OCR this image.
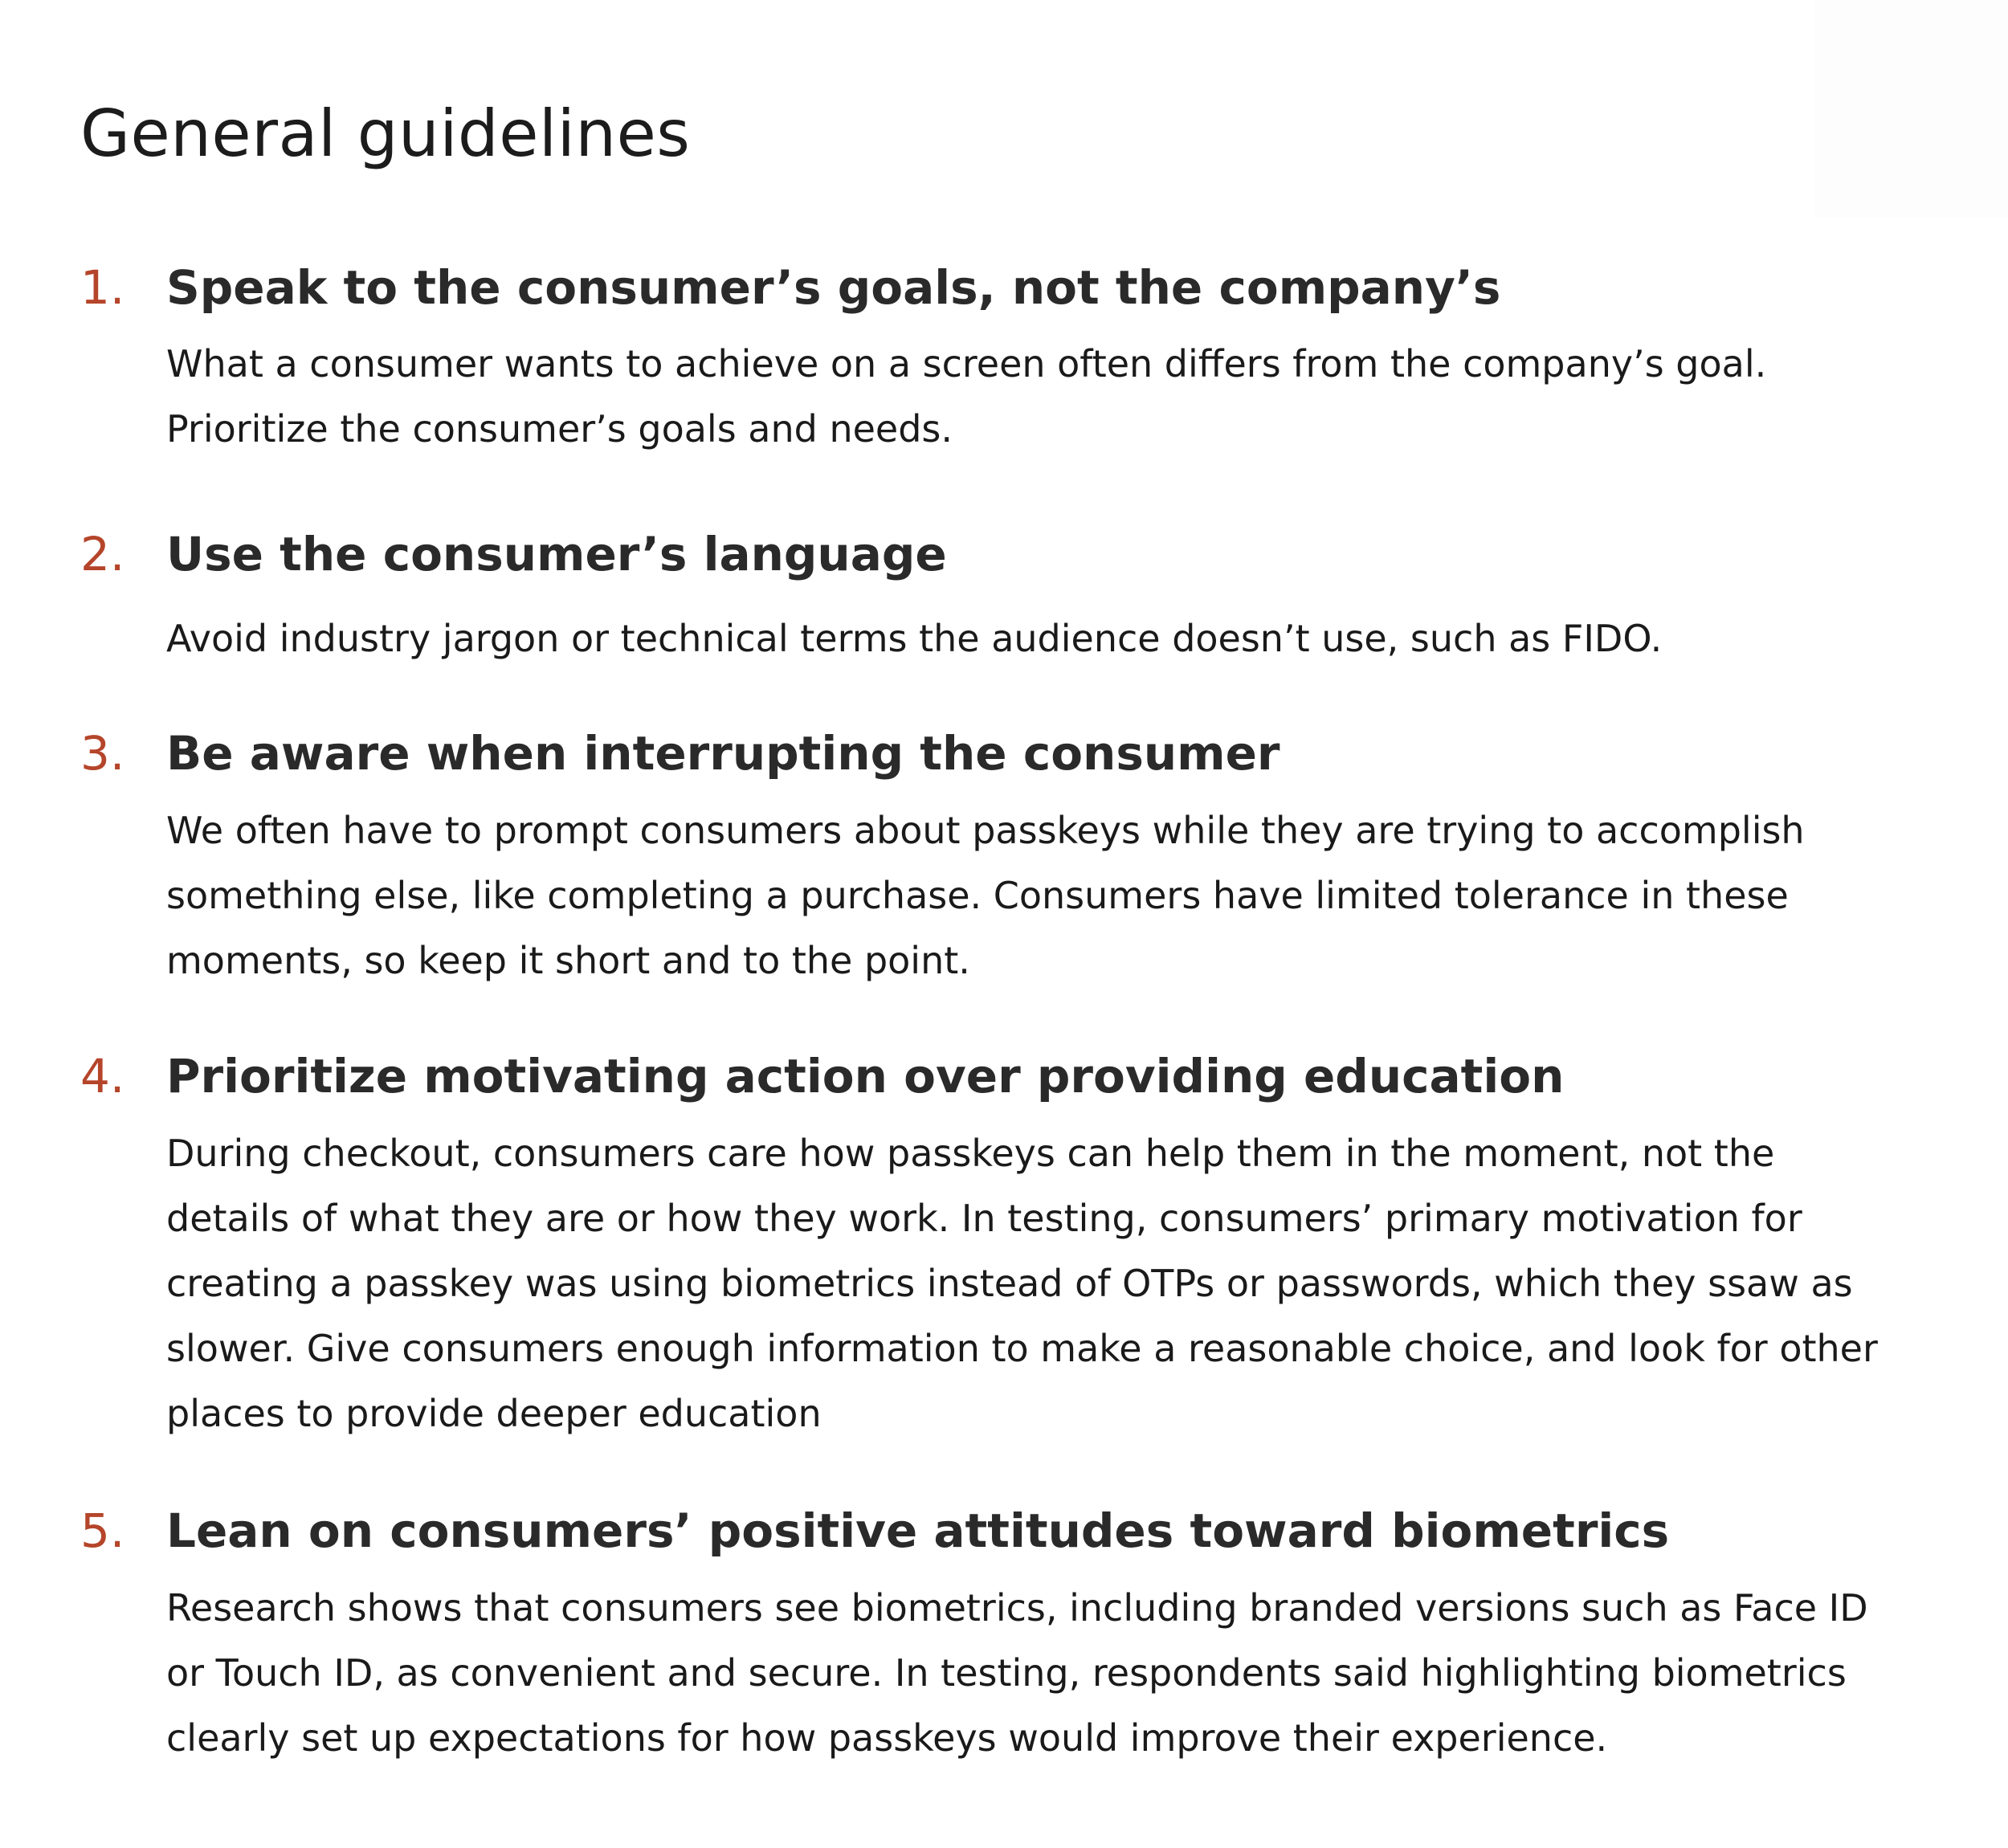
General guidelines
1. Speak to the consumer’s goals, not the company’s

What a consumer wants to achieve on a screen often differs from the company’s goal.
Prioritize the consumer’s goals and needs.

2. Use the consumer’s language

Avoid industry jargon or technical terms the audience doesn’t use, such as FIDO.

3. Be aware when interrupting the consumer

We often have to prompt consumers about passkeys while they are trying to accomplish
something else, like completing a purchase. Consumers have limited tolerance in these
moments, so keep it short and to the point.

4. Prioritize motivating action over providing education

During checkout, consumers care how passkeys can help them in the moment, not the
details of what they are or how they work. In testing, consumers’ primary motivation for
creating a passkey was using biometrics instead of OTPs or passwords, which they ssaw as
slower. Give consumers enough information to make a reasonable choice, and look for other
places to provide deeper education

5. Lean on consumers’ positive attitudes toward biometrics

Research shows that consumers see biometrics, including branded versions such as Face ID
or Touch ID, as convenient and secure. In testing, respondents said highlighting biometrics
clearly set up expectations for how passkeys would improve their experience.
